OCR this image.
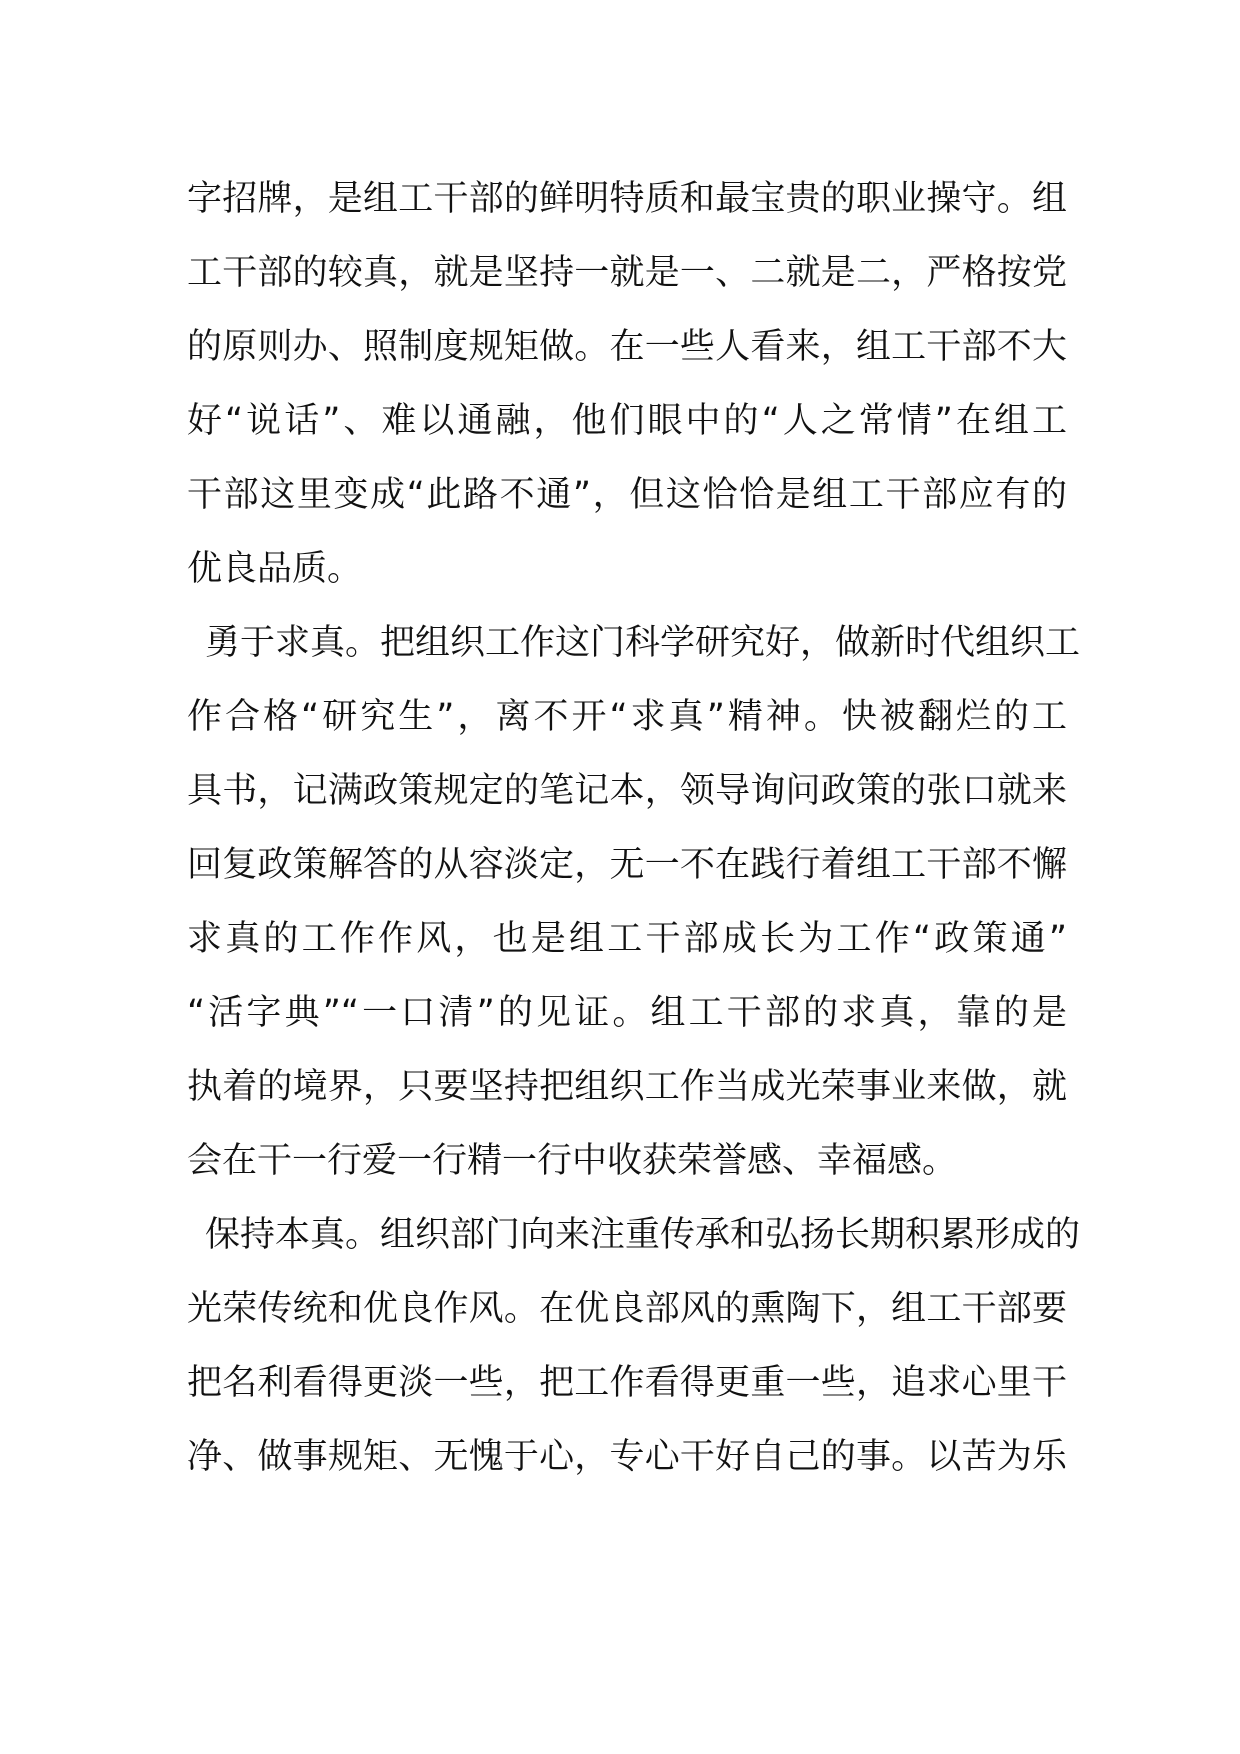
字招牌，是组工干部的鲜明特质和最宝贵的职业操守。组
工干部的较真，就是坚持一就是一、二就是二，严格按党
的原则办、照制度规矩做。在一些人看来，组工干部不大
好“说话”、难以通融，他们眼中的“人之常情”在组工
干部这里变成“此路不通”，但这恰恰是组工干部应有的
优良品质。
勇于求真。把组织工作这门科学研究好，做新时代组织工
作合格“研究生”，离不开“求真”精神。快被翻烂的工
具书，记满政策规定的笔记本，领导询问政策的张口就来
回复政策解答的从容淡定，无一不在践行着组工干部不懈
求真的工作作风，也是组工干部成长为工作“政策通”
“活字典”“一口清”的见证。组工干部的求真，靠的是
执着的境界，只要坚持把组织工作当成光荣事业来做，就
会在干一行爱一行精一行中收获荣誉感、幸福感。
保持本真。组织部门向来注重传承和弘扬长期积累形成的
光荣传统和优良作风。在优良部风的熏陶下，组工干部要
把名利看得更淡一些，把工作看得更重一些，追求心里干
净、做事规矩、无愧于心，专心干好自己的事。以苦为乐
